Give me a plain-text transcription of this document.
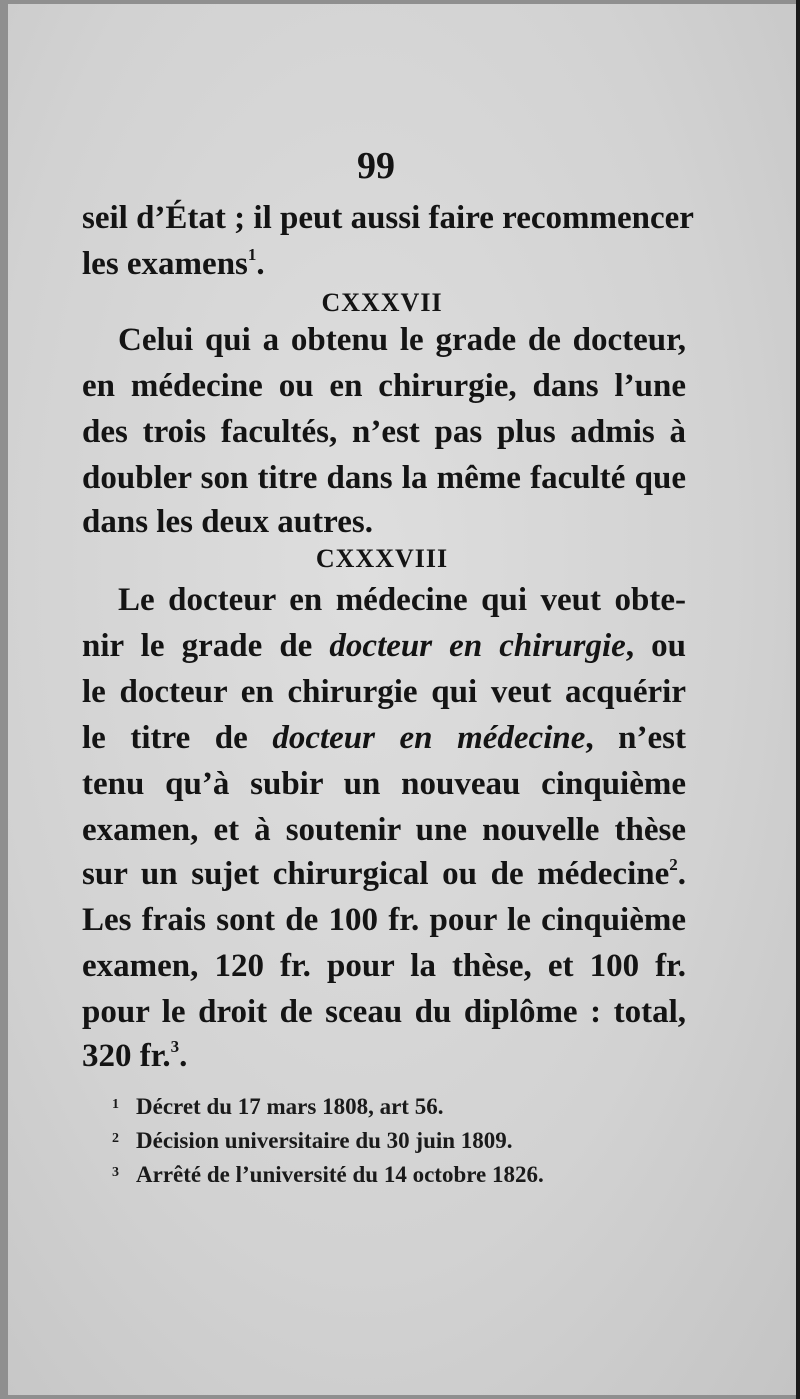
99
seil d’État ; il peut aussi faire recommencer
les examens$^1$.
CXXXVII
Celui qui a obtenu le grade de docteur,
en médecine ou en chirurgie, dans l’une
des trois facultés, n’est pas plus admis à
doubler son titre dans la même faculté que
dans les deux autres.
CXXXVIII
Le docteur en médecine qui veut obte-
nir le grade de docteur en chirurgie, ou
le docteur en chirurgie qui veut acquérir
le titre de docteur en médecine, n’est
tenu qu’à subir un nouveau cinquième
examen, et à soutenir une nouvelle thèse
sur un sujet chirurgical ou de médecine$^2$.
Les frais sont de 100 fr. pour le cinquième
examen, 120 fr. pour la thèse, et 100 fr.
pour le droit de sceau du diplôme : total,
320 fr.$^3$.
1 Décret du 17 mars 1808, art 56.
2 Décision universitaire du 30 juin 1809.
3 Arrêté de l’université du 14 octobre 1826.
